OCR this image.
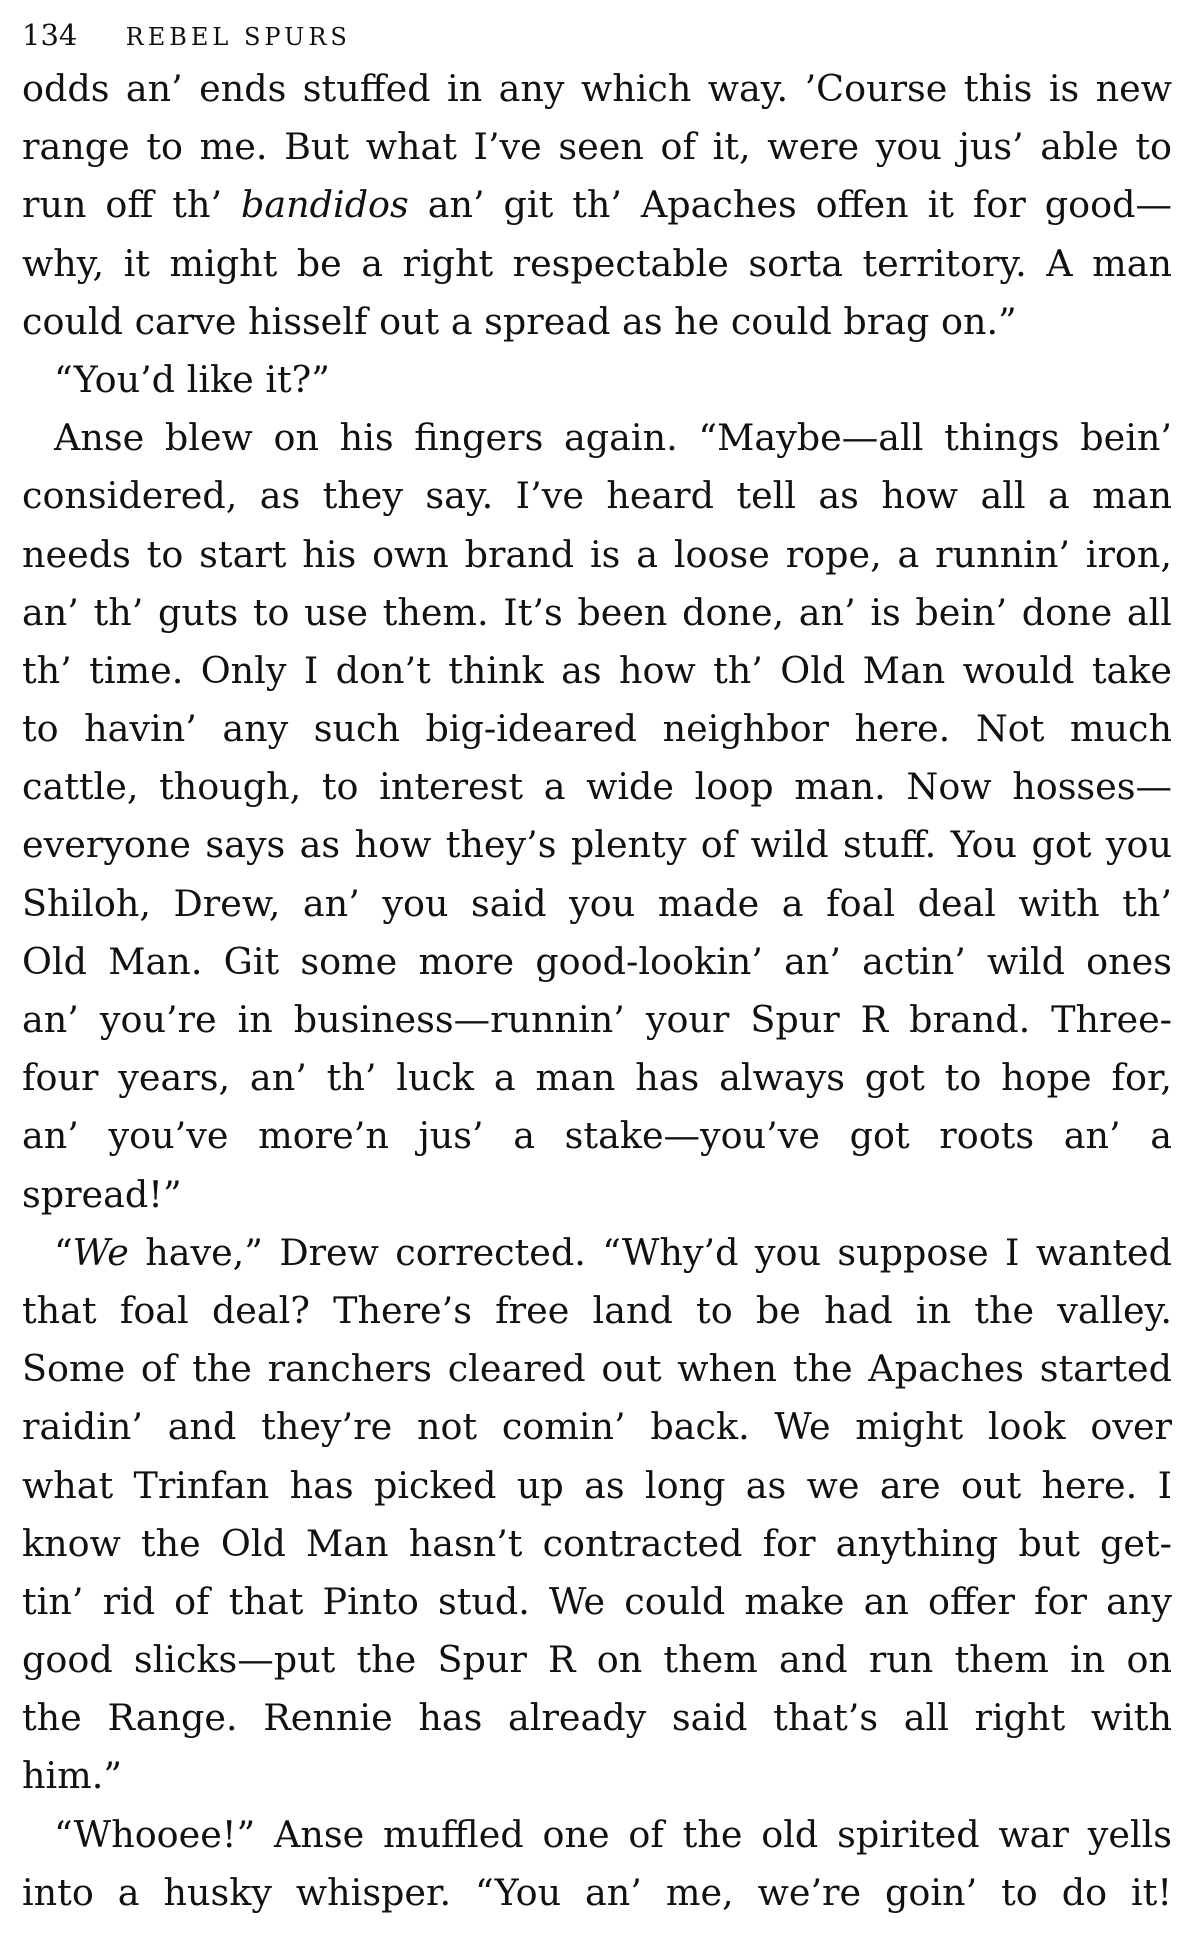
134 REBEL SPURS
odds an’ ends stuffed in any which way. ’Course this is new
range to me. But what I’ve seen of it, were you jus’ able to
run off th’ bandidos an’ git th’ Apaches offen it for good—
why, it might be a right respectable sorta territory. A man
could carve hisself out a spread as he could brag on.”
“You’d like it?”
Anse blew on his fingers again. “Maybe—all things bein’
considered, as they say. I’ve heard tell as how all a man
needs to start his own brand is a loose rope, a runnin’ iron,
an’ th’ guts to use them. It’s been done, an’ is bein’ done all
th’ time. Only I don’t think as how th’ Old Man would take
to havin’ any such big-ideared neighbor here. Not much
cattle, though, to interest a wide loop man. Now hosses—
everyone says as how they’s plenty of wild stuff. You got you
Shiloh, Drew, an’ you said you made a foal deal with th’
Old Man. Git some more good-lookin’ an’ actin’ wild ones
an’ you’re in business—runnin’ your Spur R brand. Three-
four years, an’ th’ luck a man has always got to hope for,
an’ you’ve more’n jus’ a stake—you’ve got roots an’ a
spread!”
“We have,” Drew corrected. “Why’d you suppose I wanted
that foal deal? There’s free land to be had in the valley.
Some of the ranchers cleared out when the Apaches started
raidin’ and they’re not comin’ back. We might look over
what Trinfan has picked up as long as we are out here. I
know the Old Man hasn’t contracted for anything but get-
tin’ rid of that Pinto stud. We could make an offer for any
good slicks—put the Spur R on them and run them in on
the Range. Rennie has already said that’s all right with
him.”
“Whooee!” Anse muffled one of the old spirited war yells
into a husky whisper. “You an’ me, we’re goin’ to do it!
